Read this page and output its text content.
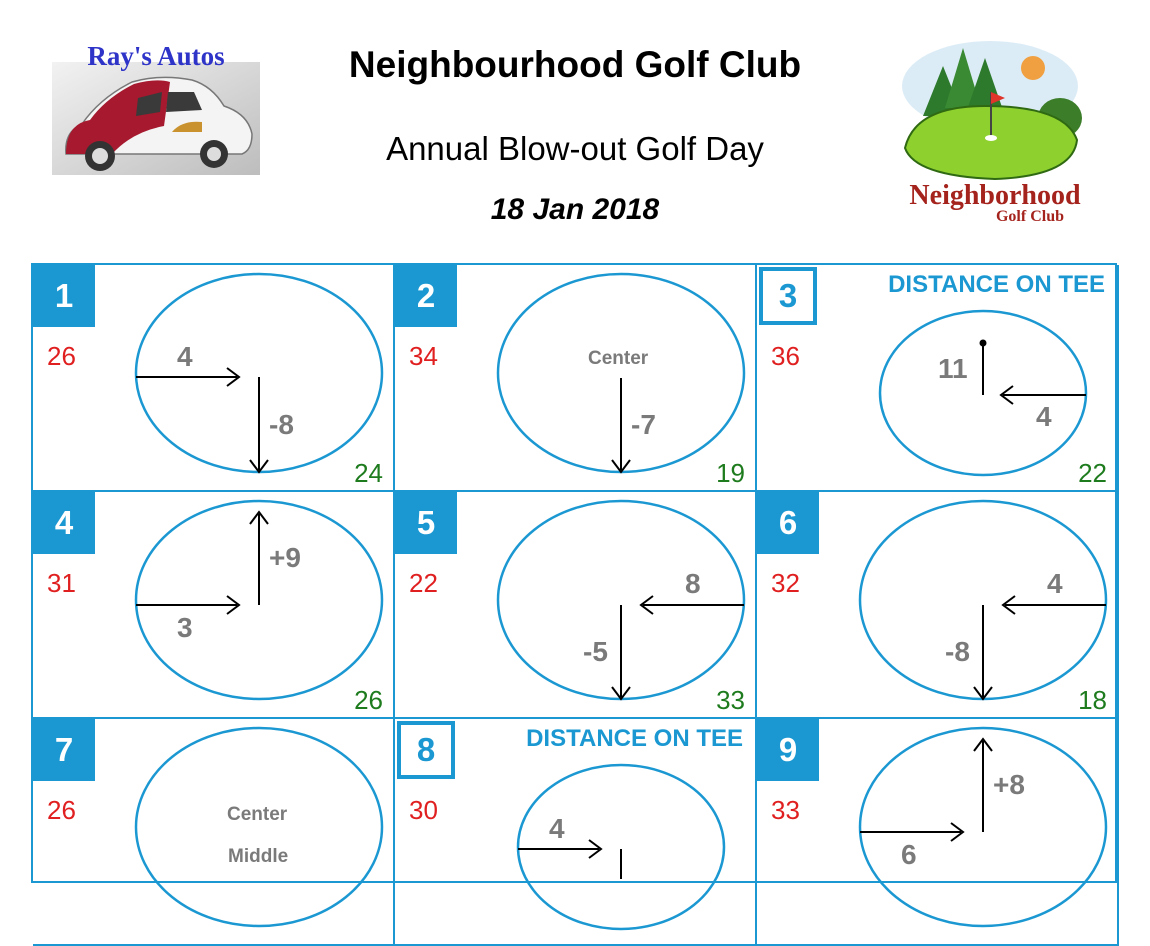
Ray's Autos	Neighbourhood Golf Club
Annual Blow-out Golf Day
18 Jan 2018	Neighborhood
Golf Club
1
26
24
4
-8
2
34
19
Center
-7
3	DISTANCE ON TEE
36
22
4
11
4
31
26
3
+9
5
22
33
8
-5
6
32
18
4
-8
7
26	Center
Middle
8	DISTANCE ON TEE
30
4
9
33
6
+8
